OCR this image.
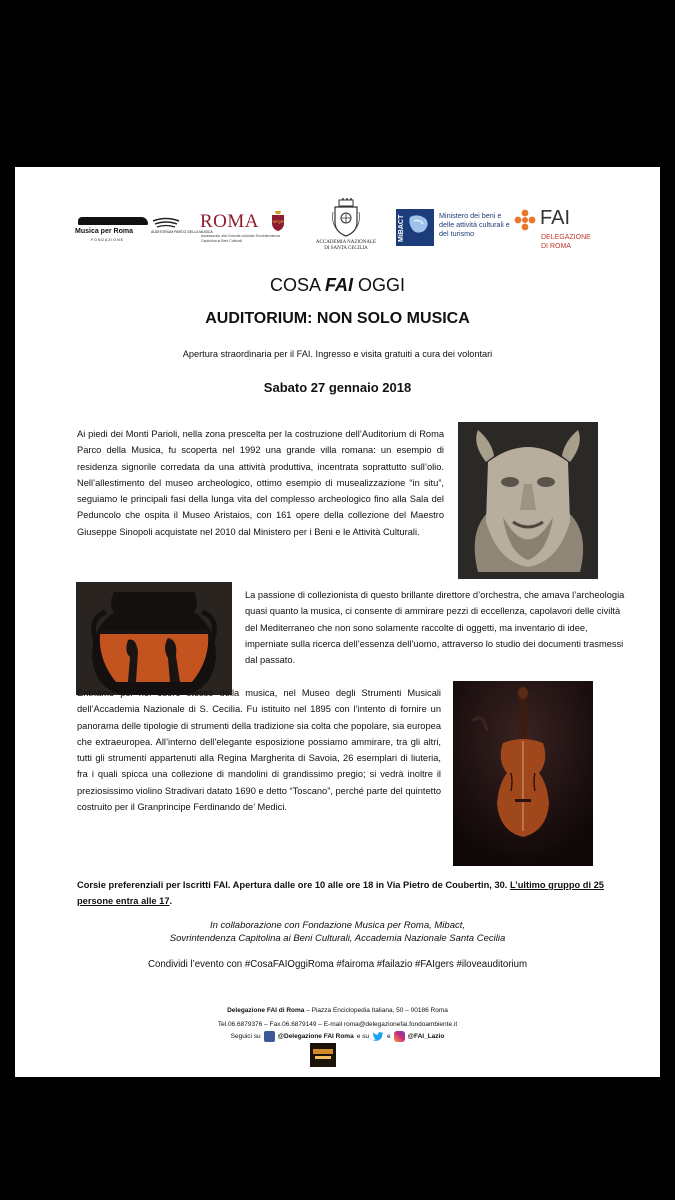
Musica per Roma
FONDAZIONE
AUDITORIUM PARCO DELLA MUSICA
ROMA	SPQR
Assessorato alla Crescita culturale Sovrintendenza Capitolina ai Beni Culturali	ACCADEMIA NAZIONALE DI SANTA CECILIA
MiBACT	Ministero dei beni e delle attività culturali e del turismo
FAI
DELEGAZIONE
DI ROMA
COSA FAI OGGI
AUDITORIUM: NON SOLO MUSICA
Apertura straordinaria per il FAI. Ingresso e visita gratuiti a cura dei volontari
Sabato 27 gennaio 2018

Ai piedi dei Monti Parioli, nella zona prescelta per la costruzione dell’Auditorium di Roma Parco della Musica, fu scoperta nel 1992 una grande villa romana: un esempio di residenza signorile corredata da una attività produttiva, incentrata soprattutto sull’olio. Nell’allestimento del museo archeologico, ottimo esempio di musealizzazione “in situ”, seguiamo le principali fasi della lunga vita del complesso archeologico fino alla Sala del Peduncolo che ospita il Museo Aristaios, con 161 opere della collezione del Maestro Giuseppe Sinopoli acquistate nel 2010 dal Ministero per i Beni e le Attività Culturali.

La passione di collezionista di questo brillante direttore d’orchestra, che amava l’archeologia quasi quanto la musica, ci consente di ammirare pezzi di eccellenza, capolavori delle civiltà del Mediterraneo che non sono solamente raccolte di oggetti, ma inventario di idee, imperniate sulla ricerca dell’essenza dell’uomo, attraverso lo studio dei documenti trasmessi dal passato.

Entriamo poi nel cuore stesso della musica, nel Museo degli Strumenti Musicali dell’Accademia Nazionale di S. Cecilia. Fu istituito nel 1895 con l’intento di fornire un panorama delle tipologie di strumenti della tradizione sia colta che popolare, sia europea che extraeuropea. All’interno dell’elegante esposizione possiamo ammirare, tra gli altri, tutti gli strumenti appartenuti alla Regina Margherita di Savoia, 26 esemplari di liuteria, fra i quali spicca una collezione di mandolini di grandissimo pregio; si vedrà inoltre il preziosissimo violino Stradivari datato 1690 e detto “Toscano”, perché parte del quintetto costruito per il Granprincipe Ferdinando de’ Medici.

Corsie preferenziali per Iscritti FAI. Apertura dalle ore 10 alle ore 18 in Via Pietro de Coubertin, 30. L’ultimo gruppo di 25 persone entra alle 17.

In collaborazione con Fondazione Musica per Roma, Mibact,
Sovrintendenza Capitolina ai Beni Culturali, Accademia Nazionale Santa Cecilia
Condividi l’evento con #CosaFAIOggiRoma #fairoma #failazio #FAIgers #iloveauditorium
Delegazione FAI di Roma – Piazza Enciclopedia Italiana, 50 – 00186 Roma
Tel.06.6879376 – Fax.06.6879149 – E-mail roma@delegazionefai.fondoambiente.it
Seguici su	@Delegazione FAI Roma e su	e	@FAI_Lazio
